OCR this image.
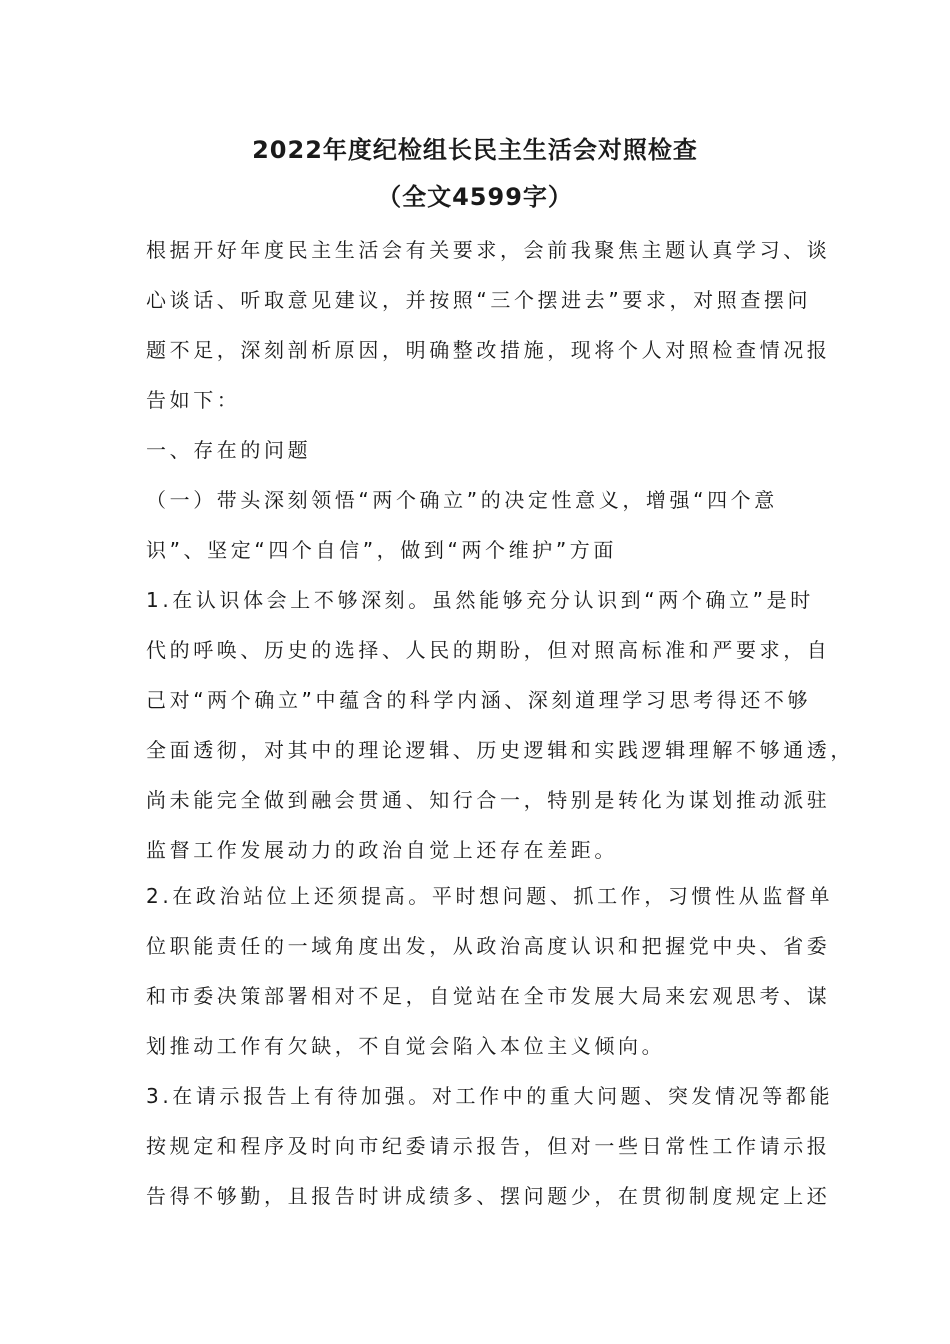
2022年度纪检组长民主生活会对照检查
（全文4599字）
根据开好年度民主生活会有关要求，会前我聚焦主题认真学习、谈
心谈话、听取意见建议，并按照“三个摆进去”要求，对照查摆问
题不足，深刻剖析原因，明确整改措施，现将个人对照检查情况报
告如下：
一、存在的问题
（一）带头深刻领悟“两个确立”的决定性意义，增强“四个意
识”、坚定“四个自信”，做到“两个维护”方面
1.在认识体会上不够深刻。虽然能够充分认识到“两个确立”是时
代的呼唤、历史的选择、人民的期盼，但对照高标准和严要求，自
己对“两个确立”中蕴含的科学内涵、深刻道理学习思考得还不够
全面透彻，对其中的理论逻辑、历史逻辑和实践逻辑理解不够通透，
尚未能完全做到融会贯通、知行合一，特别是转化为谋划推动派驻
监督工作发展动力的政治自觉上还存在差距。
2.在政治站位上还须提高。平时想问题、抓工作，习惯性从监督单
位职能责任的一域角度出发，从政治高度认识和把握党中央、省委
和市委决策部署相对不足，自觉站在全市发展大局来宏观思考、谋
划推动工作有欠缺，不自觉会陷入本位主义倾向。
3.在请示报告上有待加强。对工作中的重大问题、突发情况等都能
按规定和程序及时向市纪委请示报告，但对一些日常性工作请示报
告得不够勤，且报告时讲成绩多、摆问题少，在贯彻制度规定上还
